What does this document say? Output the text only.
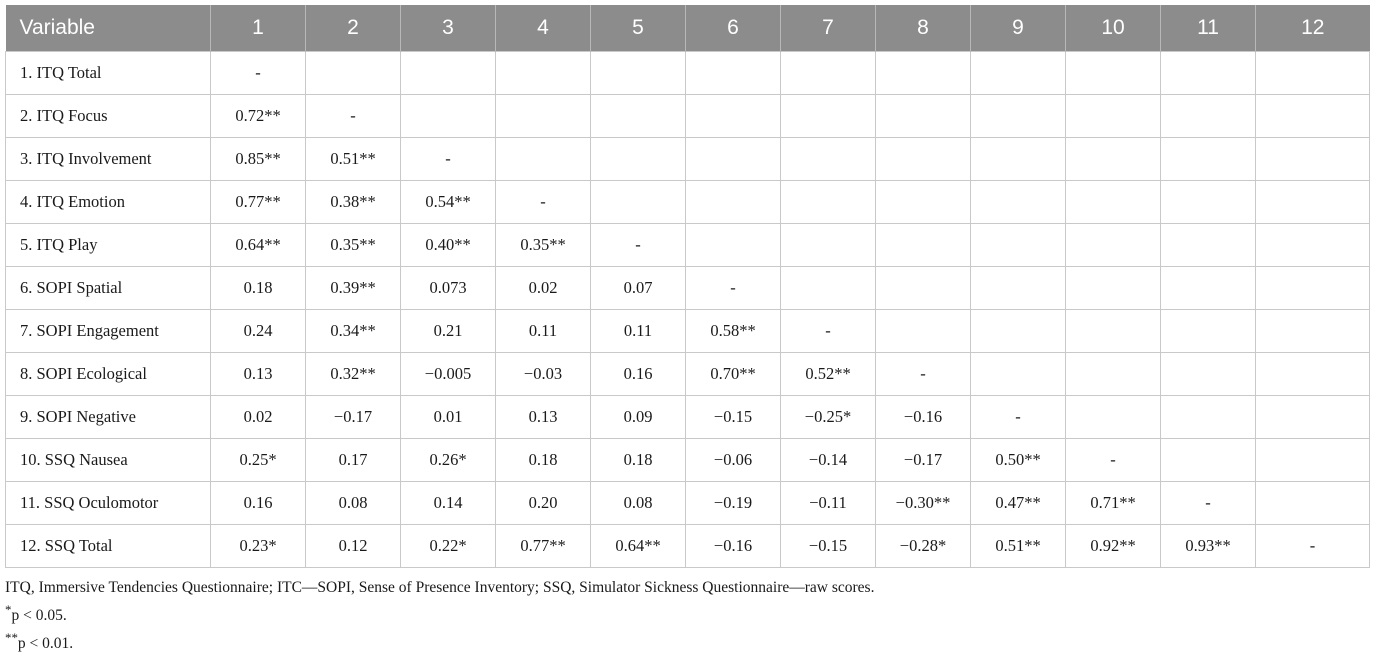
Variable	1	2	3	4	5	6	7	8	9	10	11	12
1. ITQ Total	-											
2. ITQ Focus	0.72**	-										
3. ITQ Involvement	0.85**	0.51**	-									
4. ITQ Emotion	0.77**	0.38**	0.54**	-								
5. ITQ Play	0.64**	0.35**	0.40**	0.35**	-							
6. SOPI Spatial	0.18	0.39**	0.073	0.02	0.07	-						
7. SOPI Engagement	0.24	0.34**	0.21	0.11	0.11	0.58**	-					
8. SOPI Ecological	0.13	0.32**	−0.005	−0.03	0.16	0.70**	0.52**	-				
9. SOPI Negative	0.02	−0.17	0.01	0.13	0.09	−0.15	−0.25*	−0.16	-			
10. SSQ Nausea	0.25*	0.17	0.26*	0.18	0.18	−0.06	−0.14	−0.17	0.50**	-		
11. SSQ Oculomotor	0.16	0.08	0.14	0.20	0.08	−0.19	−0.11	−0.30**	0.47**	0.71**	-	
12. SSQ Total	0.23*	0.12	0.22*	0.77**	0.64**	−0.16	−0.15	−0.28*	0.51**	0.92**	0.93**	-
ITQ, Immersive Tendencies Questionnaire; ITC—SOPI, Sense of Presence Inventory; SSQ, Simulator Sickness Questionnaire—raw scores.
*p < 0.05.
**p < 0.01.
